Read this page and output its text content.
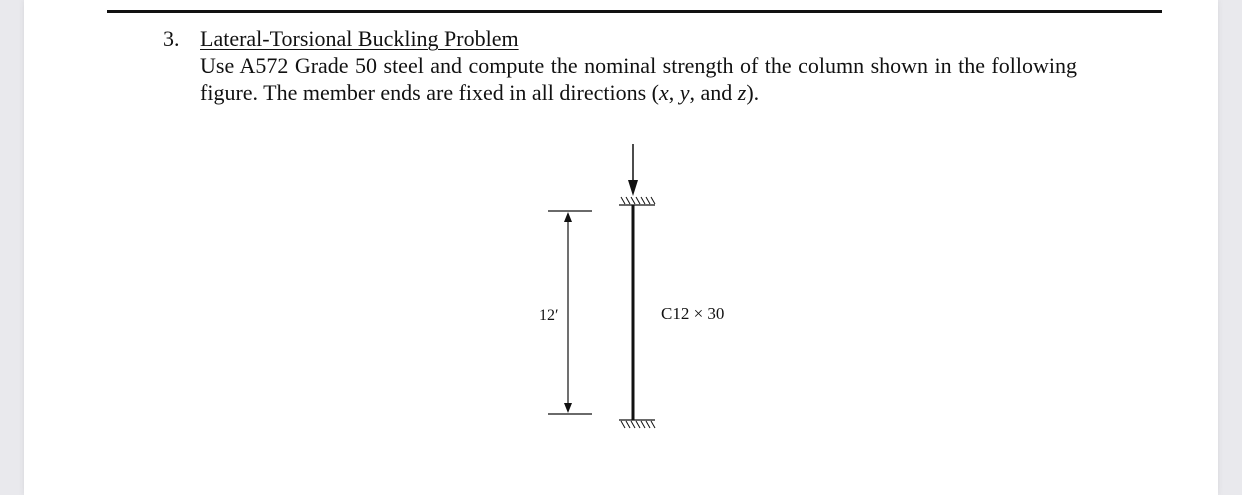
3. Lateral-Torsional Buckling Problem

Use A572 Grade 50 steel and compute the nominal strength of the column shown in the following figure. The member ends are fixed in all directions (x, y, and z).

12′	C12 × 30
